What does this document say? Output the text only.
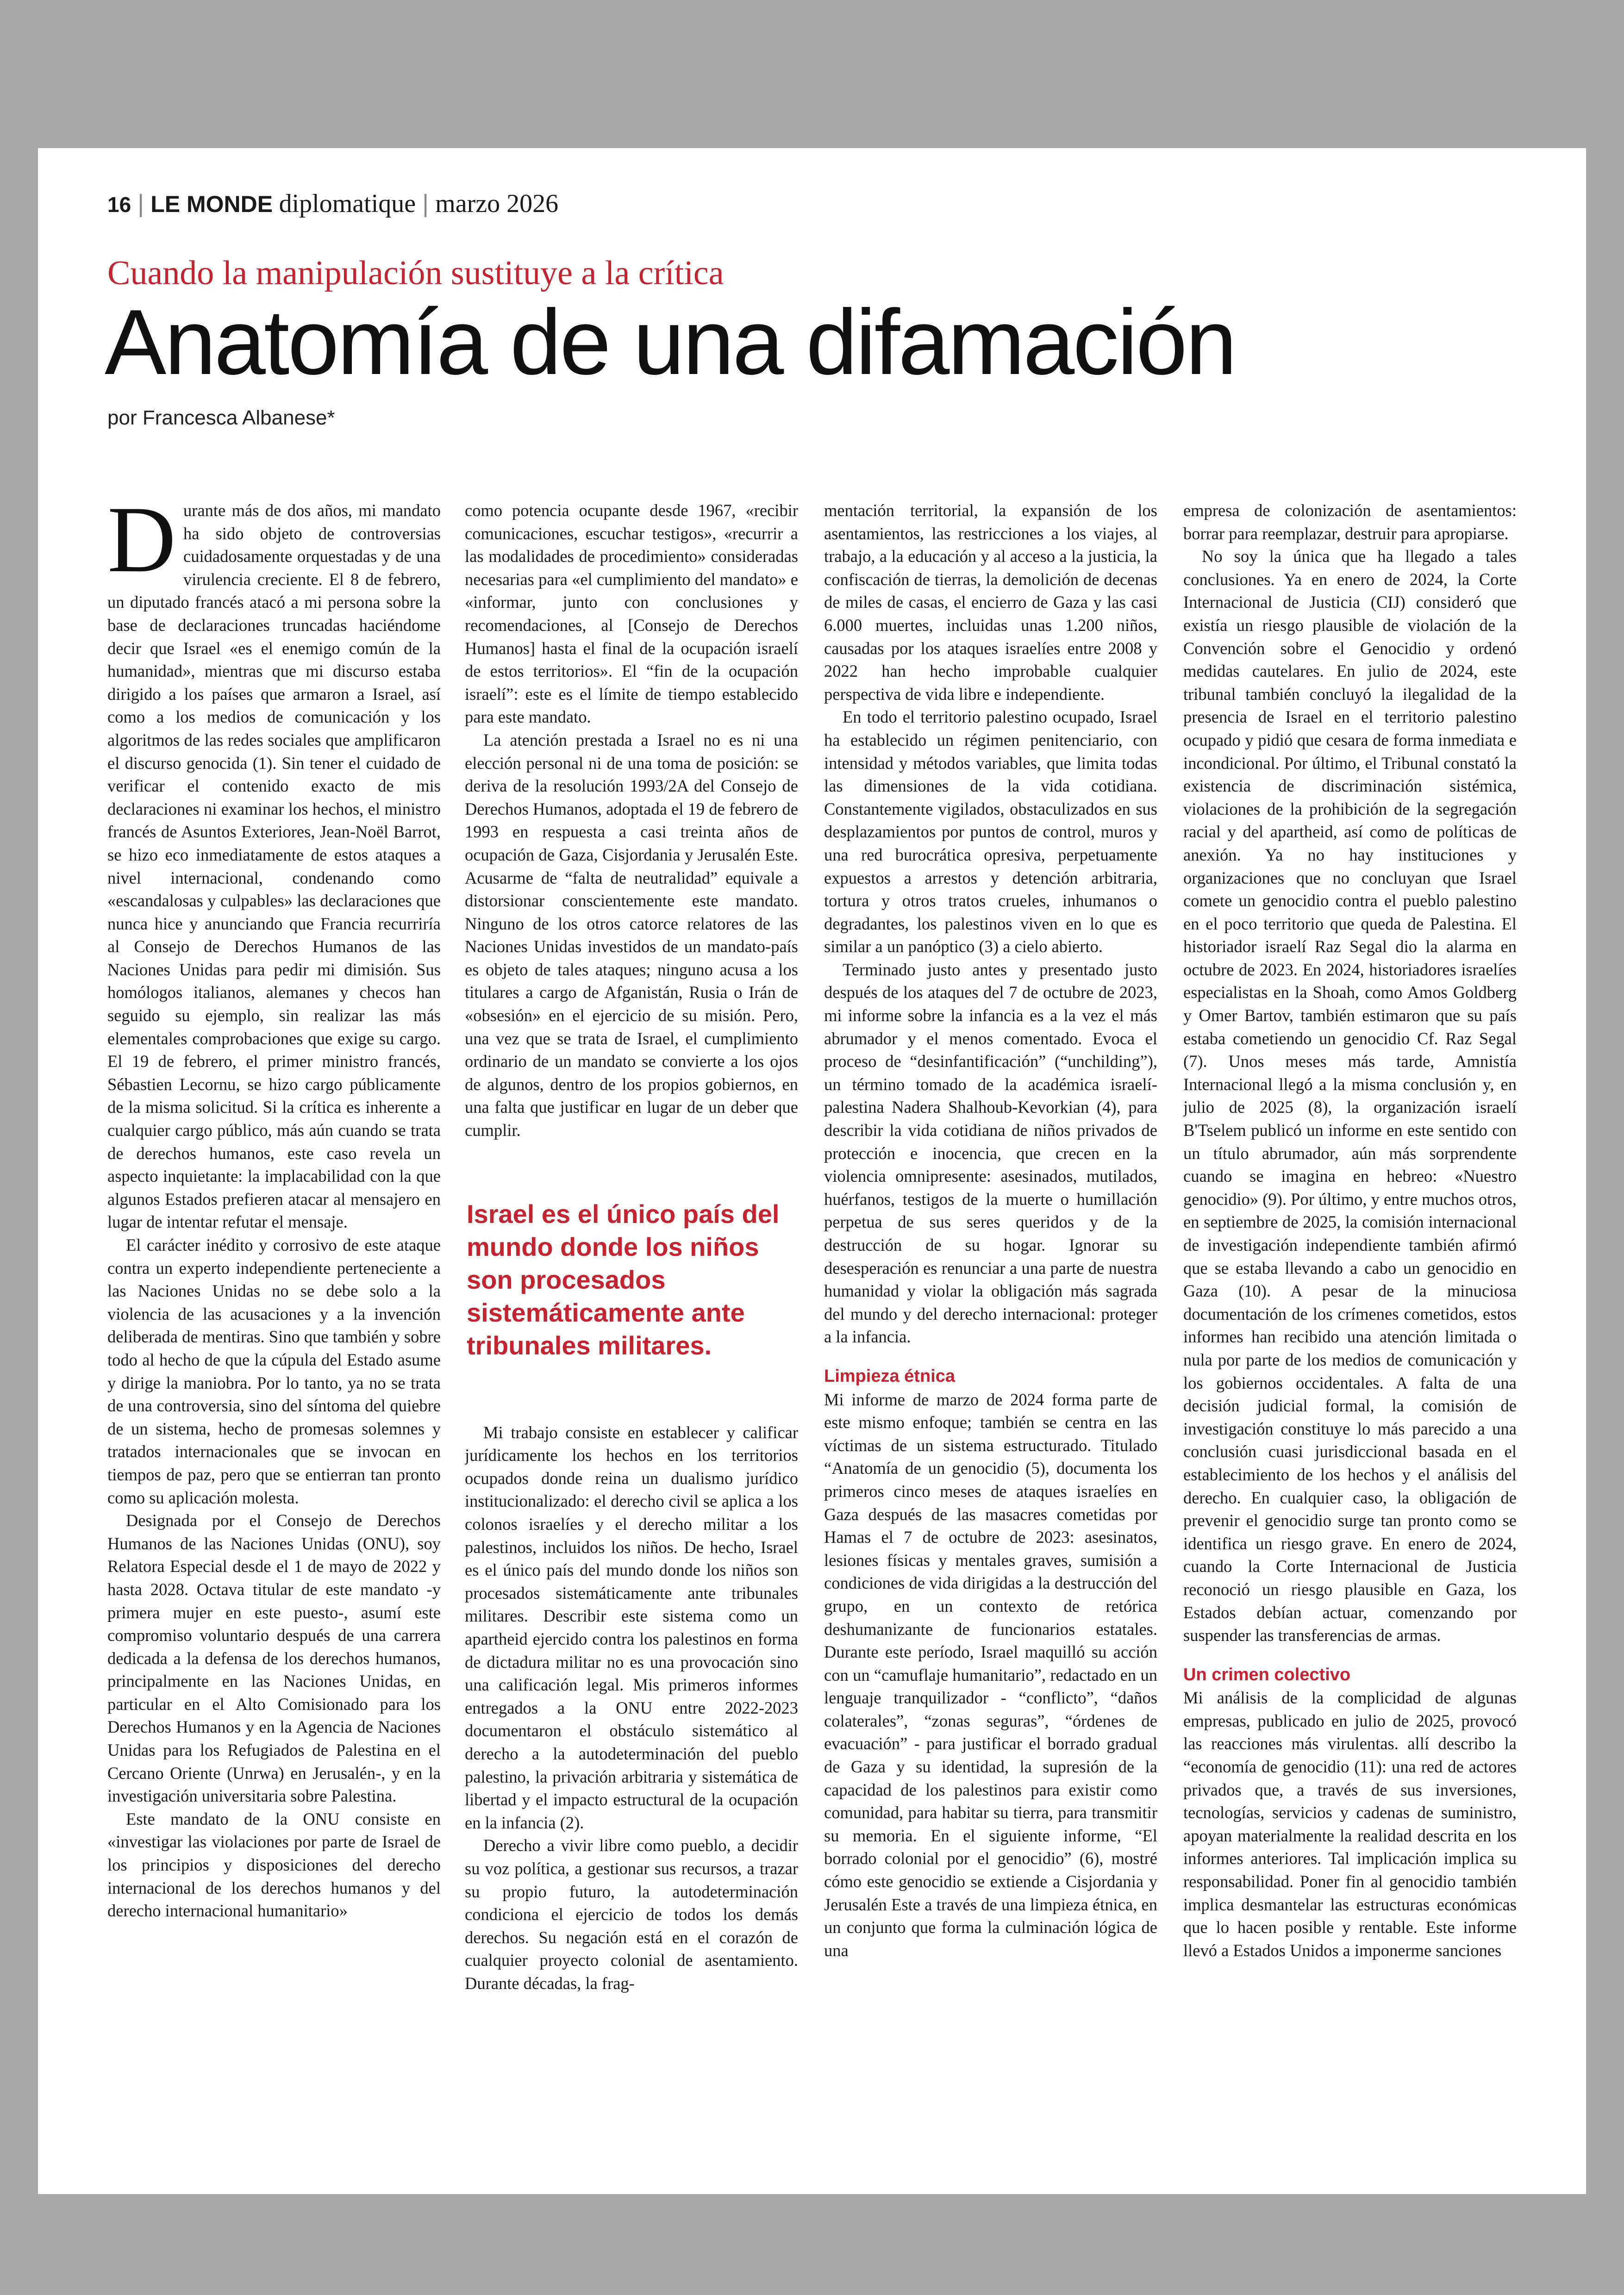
16 | LE MONDE diplomatique | marzo 2026
Cuando la manipulación sustituye a la crítica
Anatomía de una difamación
por Francesca Albanese*

Durante más de dos años, mi mandato ha sido objeto de controversias cuidadosamente orquestadas y de una virulencia creciente. El 8 de febrero, un diputado francés atacó a mi persona sobre la base de declaraciones truncadas haciéndome decir que Israel «es el enemigo común de la humanidad», mientras que mi discurso estaba dirigido a los países que armaron a Israel, así como a los medios de comunicación y los algoritmos de las redes sociales que amplificaron el discurso genocida (1). Sin tener el cuidado de verificar el contenido exacto de mis declaraciones ni examinar los hechos, el ministro francés de Asuntos Exteriores, Jean-Noël Barrot, se hizo eco inmediatamente de estos ataques a nivel internacional, condenando como «escandalosas y culpables» las declaraciones que nunca hice y anunciando que Francia recurriría al Consejo de Derechos Humanos de las Naciones Unidas para pedir mi dimisión. Sus homólogos italianos, alemanes y checos han seguido su ejemplo, sin realizar las más elementales comprobaciones que exige su cargo. El 19 de febrero, el primer ministro francés, Sébastien Lecornu, se hizo cargo públicamente de la misma solicitud. Si la crítica es inherente a cualquier cargo público, más aún cuando se trata de derechos humanos, este caso revela un aspecto inquietante: la implacabilidad con la que algunos Estados prefieren atacar al mensajero en lugar de intentar refutar el mensaje.

El carácter inédito y corrosivo de este ataque contra un experto independiente perteneciente a las Naciones Unidas no se debe solo a la violencia de las acusaciones y a la invención deliberada de mentiras. Sino que también y sobre todo al hecho de que la cúpula del Estado asume y dirige la maniobra. Por lo tanto, ya no se trata de una controversia, sino del síntoma del quiebre de un sistema, hecho de promesas solemnes y tratados internacionales que se invocan en tiempos de paz, pero que se entierran tan pronto como su aplicación molesta.

Designada por el Consejo de Derechos Humanos de las Naciones Unidas (ONU), soy Relatora Especial desde el 1 de mayo de 2022 y hasta 2028. Octava titular de este mandato -y primera mujer en este puesto-, asumí este compromiso voluntario después de una carrera dedicada a la defensa de los derechos humanos, principalmente en las Naciones Unidas, en particular en el Alto Comisionado para los Derechos Humanos y en la Agencia de Naciones Unidas para los Refugiados de Palestina en el Cercano Oriente (Unrwa) en Jerusalén-, y en la investigación universitaria sobre Palestina.

Este mandato de la ONU consiste en «investigar las violaciones por parte de Israel de los principios y disposiciones del derecho internacional de los derechos humanos y del derecho internacional humanitario»

como potencia ocupante desde 1967, «recibir comunicaciones, escuchar testigos», «recurrir a las modalidades de procedimiento» consideradas necesarias para «el cumplimiento del mandato» e «informar, junto con conclusiones y recomendaciones, al [Consejo de Derechos Humanos] hasta el final de la ocupación israelí de estos territorios». El “fin de la ocupación israelí”: este es el límite de tiempo establecido para este mandato.

La atención prestada a Israel no es ni una elección personal ni de una toma de posición: se deriva de la resolución 1993/2A del Consejo de Derechos Humanos, adoptada el 19 de febrero de 1993 en respuesta a casi treinta años de ocupación de Gaza, Cisjordania y Jerusalén Este. Acusarme de “falta de neutralidad” equivale a distorsionar conscientemente este mandato. Ninguno de los otros catorce relatores de las Naciones Unidas investidos de un mandato-país es objeto de tales ataques; ninguno acusa a los titulares a cargo de Afganistán, Rusia o Irán de «obsesión» en el ejercicio de su misión. Pero, una vez que se trata de Israel, el cumplimiento ordinario de un mandato se convierte a los ojos de algunos, dentro de los propios gobiernos, en una falta que justificar en lugar de un deber que cumplir.

Israel es el único país del mundo donde los niños son procesados sistemáticamente ante tribunales militares.

Mi trabajo consiste en establecer y calificar jurídicamente los hechos en los territorios ocupados donde reina un dualismo jurídico institucionalizado: el derecho civil se aplica a los colonos israelíes y el derecho militar a los palestinos, incluidos los niños. De hecho, Israel es el único país del mundo donde los niños son procesados sistemáticamente ante tribunales militares. Describir este sistema como un apartheid ejercido contra los palestinos en forma de dictadura militar no es una provocación sino una calificación legal. Mis primeros informes entregados a la ONU entre 2022-2023 documentaron el obstáculo sistemático al derecho a la autodeterminación del pueblo palestino, la privación arbitraria y sistemática de libertad y el impacto estructural de la ocupación en la infancia (2).

Derecho a vivir libre como pueblo, a decidir su voz política, a gestionar sus recursos, a trazar su propio futuro, la autodeterminación condiciona el ejercicio de todos los demás derechos. Su negación está en el corazón de cualquier proyecto colonial de asentamiento. Durante décadas, la frag-

mentación territorial, la expansión de los asentamientos, las restricciones a los viajes, al trabajo, a la educación y al acceso a la justicia, la confiscación de tierras, la demolición de decenas de miles de casas, el encierro de Gaza y las casi 6.000 muertes, incluidas unas 1.200 niños, causadas por los ataques israelíes entre 2008 y 2022 han hecho improbable cualquier perspectiva de vida libre e independiente.

En todo el territorio palestino ocupado, Israel ha establecido un régimen penitenciario, con intensidad y métodos variables, que limita todas las dimensiones de la vida cotidiana. Constantemente vigilados, obstaculizados en sus desplazamientos por puntos de control, muros y una red burocrática opresiva, perpetuamente expuestos a arrestos y detención arbitraria, tortura y otros tratos crueles, inhumanos o degradantes, los palestinos viven en lo que es similar a un panóptico (3) a cielo abierto.

Terminado justo antes y presentado justo después de los ataques del 7 de octubre de 2023, mi informe sobre la infancia es a la vez el más abrumador y el menos comentado. Evoca el proceso de “desinfantificación” (“unchilding”), un término tomado de la académica israelí-palestina Nadera Shalhoub-Kevorkian (4), para describir la vida cotidiana de niños privados de protección e inocencia, que crecen en la violencia omnipresente: asesinados, mutilados, huérfanos, testigos de la muerte o humillación perpetua de sus seres queridos y de la destrucción de su hogar. Ignorar su desesperación es renunciar a una parte de nuestra humanidad y violar la obligación más sagrada del mundo y del derecho internacional: proteger a la infancia.

Limpieza étnica

Mi informe de marzo de 2024 forma parte de este mismo enfoque; también se centra en las víctimas de un sistema estructurado. Titulado “Anatomía de un genocidio (5), documenta los primeros cinco meses de ataques israelíes en Gaza después de las masacres cometidas por Hamas el 7 de octubre de 2023: asesinatos, lesiones físicas y mentales graves, sumisión a condiciones de vida dirigidas a la destrucción del grupo, en un contexto de retórica deshumanizante de funcionarios estatales. Durante este período, Israel maquilló su acción con un “camuflaje humanitario”, redactado en un lenguaje tranquilizador - “conflicto”, “daños colaterales”, “zonas seguras”, “órdenes de evacuación” - para justificar el borrado gradual de Gaza y su identidad, la supresión de la capacidad de los palestinos para existir como comunidad, para habitar su tierra, para transmitir su memoria. En el siguiente informe, “El borrado colonial por el genocidio” (6), mostré cómo este genocidio se extiende a Cisjordania y Jerusalén Este a través de una limpieza étnica, en un conjunto que forma la culminación lógica de una

empresa de colonización de asentamientos: borrar para reemplazar, destruir para apropiarse.

No soy la única que ha llegado a tales conclusiones. Ya en enero de 2024, la Corte Internacional de Justicia (CIJ) consideró que existía un riesgo plausible de violación de la Convención sobre el Genocidio y ordenó medidas cautelares. En julio de 2024, este tribunal también concluyó la ilegalidad de la presencia de Israel en el territorio palestino ocupado y pidió que cesara de forma inmediata e incondicional. Por último, el Tribunal constató la existencia de discriminación sistémica, violaciones de la prohibición de la segregación racial y del apartheid, así como de políticas de anexión. Ya no hay instituciones y organizaciones que no concluyan que Israel comete un genocidio contra el pueblo palestino en el poco territorio que queda de Palestina. El historiador israelí Raz Segal dio la alarma en octubre de 2023. En 2024, historiadores israelíes especialistas en la Shoah, como Amos Goldberg y Omer Bartov, también estimaron que su país estaba cometiendo un genocidio Cf. Raz Segal (7). Unos meses más tarde, Amnistía Internacional llegó a la misma conclusión y, en julio de 2025 (8), la organización israelí B'Tselem publicó un informe en este sentido con un título abrumador, aún más sorprendente cuando se imagina en hebreo: «Nuestro genocidio» (9). Por último, y entre muchos otros, en septiembre de 2025, la comisión internacional de investigación independiente también afirmó que se estaba llevando a cabo un genocidio en Gaza (10). A pesar de la minuciosa documentación de los crímenes cometidos, estos informes han recibido una atención limitada o nula por parte de los medios de comunicación y los gobiernos occidentales. A falta de una decisión judicial formal, la comisión de investigación constituye lo más parecido a una conclusión cuasi jurisdiccional basada en el establecimiento de los hechos y el análisis del derecho. En cualquier caso, la obligación de prevenir el genocidio surge tan pronto como se identifica un riesgo grave. En enero de 2024, cuando la Corte Internacional de Justicia reconoció un riesgo plausible en Gaza, los Estados debían actuar, comenzando por suspender las transferencias de armas.

Un crimen colectivo

Mi análisis de la complicidad de algunas empresas, publicado en julio de 2025, provocó las reacciones más virulentas. allí describo la “economía de genocidio (11): una red de actores privados que, a través de sus inversiones, tecnologías, servicios y cadenas de suministro, apoyan materialmente la realidad descrita en los informes anteriores. Tal implicación implica su responsabilidad. Poner fin al genocidio también implica desmantelar las estructuras económicas que lo hacen posible y rentable. Este informe llevó a Estados Unidos a imponerme sanciones
